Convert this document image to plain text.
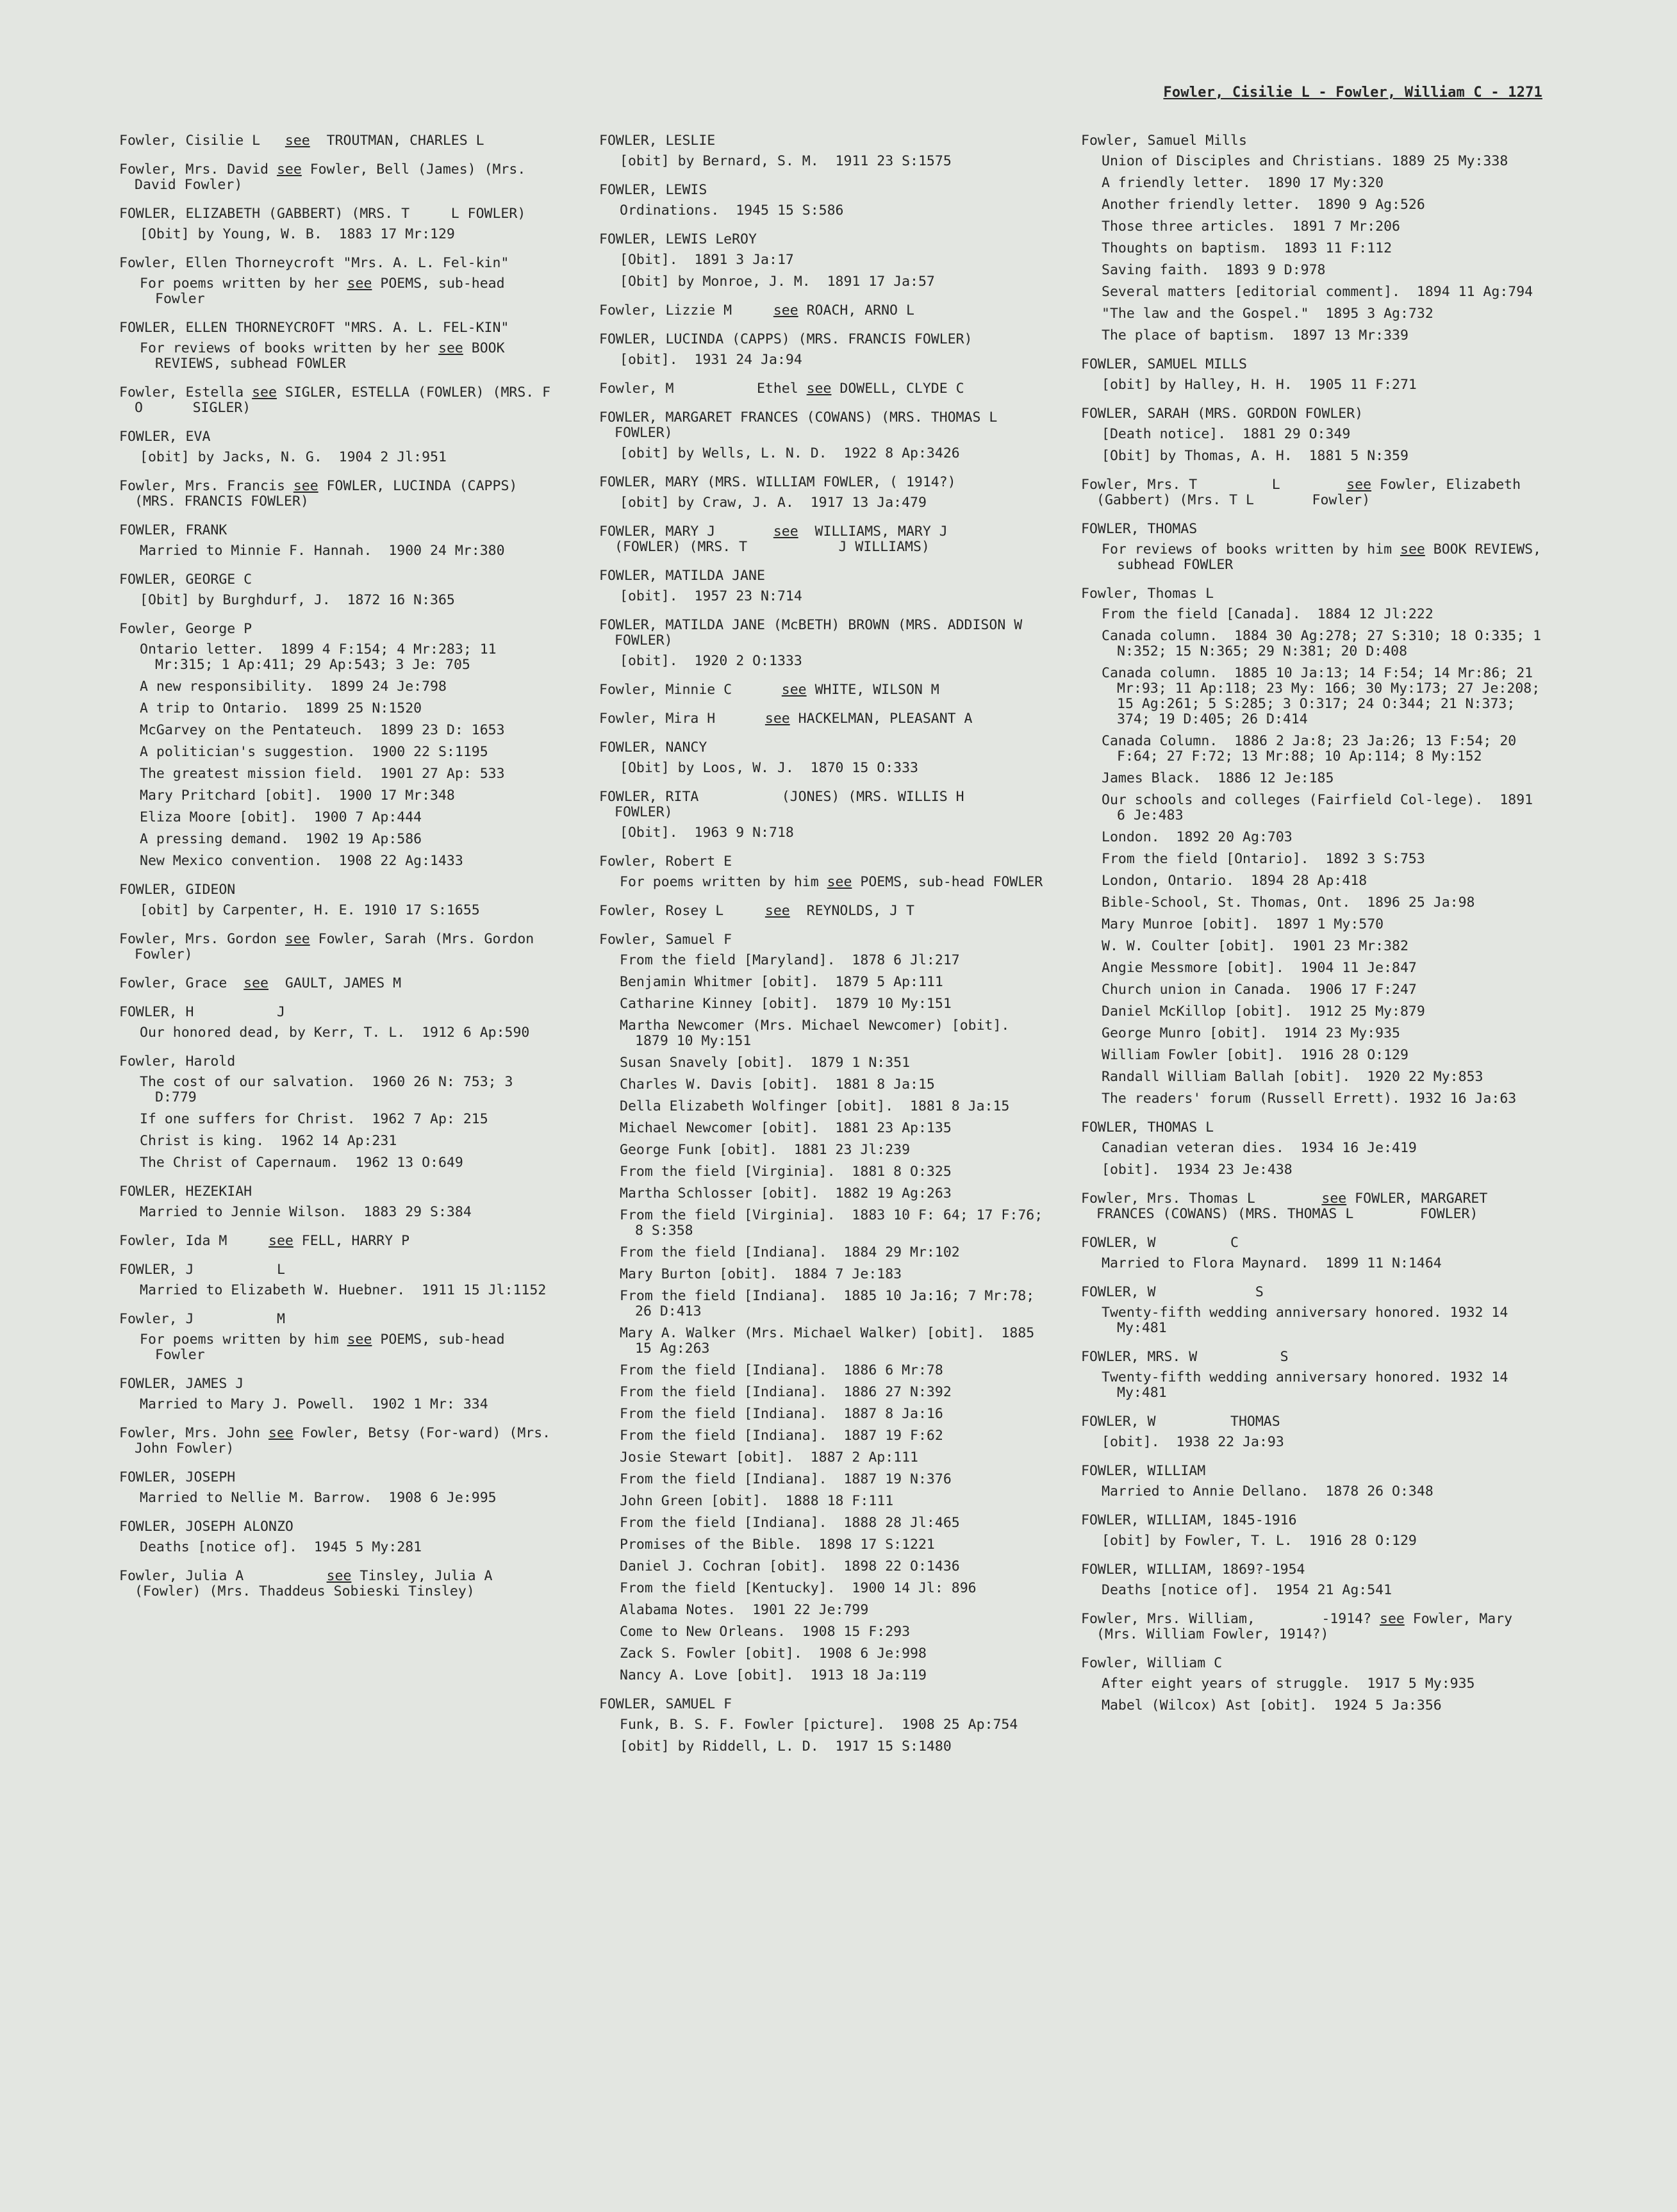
Fowler, Cisilie L - Fowler, William C - 1271
Fowler, Cisilie L   see  TROUTMAN, CHARLES L
Fowler, Mrs. David see Fowler, Bell (James) (Mrs. David Fowler)
FOWLER, ELIZABETH (GABBERT) (MRS. T     L FOWLER)
[Obit] by Young, W. B.  1883 17 Mr:129
Fowler, Ellen Thorneycroft "Mrs. A. L. Fel-kin"
For poems written by her see POEMS, sub-head Fowler
FOWLER, ELLEN THORNEYCROFT "MRS. A. L. FEL-KIN"
For reviews of books written by her see BOOK REVIEWS, subhead FOWLER
Fowler, Estella see SIGLER, ESTELLA (FOWLER) (MRS. F        O      SIGLER)
FOWLER, EVA
[obit] by Jacks, N. G.  1904 2 Jl:951
Fowler, Mrs. Francis see FOWLER, LUCINDA (CAPPS) (MRS. FRANCIS FOWLER)
FOWLER, FRANK
Married to Minnie F. Hannah.  1900 24 Mr:380
FOWLER, GEORGE C
[Obit] by Burghdurf, J.  1872 16 N:365
Fowler, George P
Ontario letter.  1899 4 F:154; 4 Mr:283; 11 Mr:315; 1 Ap:411; 29 Ap:543; 3 Je: 705
A new responsibility.  1899 24 Je:798
A trip to Ontario.  1899 25 N:1520
McGarvey on the Pentateuch.  1899 23 D: 1653
A politician's suggestion.  1900 22 S:1195
The greatest mission field.  1901 27 Ap: 533
Mary Pritchard [obit].  1900 17 Mr:348
Eliza Moore [obit].  1900 7 Ap:444
A pressing demand.  1902 19 Ap:586
New Mexico convention.  1908 22 Ag:1433
FOWLER, GIDEON
[obit] by Carpenter, H. E. 1910 17 S:1655
Fowler, Mrs. Gordon see Fowler, Sarah (Mrs. Gordon Fowler)
Fowler, Grace  see  GAULT, JAMES M
FOWLER, H          J
Our honored dead, by Kerr, T. L.  1912 6 Ap:590
Fowler, Harold
The cost of our salvation.  1960 26 N: 753; 3 D:779
If one suffers for Christ.  1962 7 Ap: 215
Christ is king.  1962 14 Ap:231
The Christ of Capernaum.  1962 13 O:649
FOWLER, HEZEKIAH
Married to Jennie Wilson.  1883 29 S:384
Fowler, Ida M     see FELL, HARRY P
FOWLER, J          L
Married to Elizabeth W. Huebner.  1911 15 Jl:1152
Fowler, J          M
For poems written by him see POEMS, sub-head Fowler
FOWLER, JAMES J
Married to Mary J. Powell.  1902 1 Mr: 334
Fowler, Mrs. John see Fowler, Betsy (For-ward) (Mrs. John Fowler)
FOWLER, JOSEPH
Married to Nellie M. Barrow.  1908 6 Je:995
FOWLER, JOSEPH ALONZO
Deaths [notice of].  1945 5 My:281
Fowler, Julia A          see Tinsley, Julia A        (Fowler) (Mrs. Thaddeus Sobieski Tinsley)
FOWLER, LESLIE
[obit] by Bernard, S. M.  1911 23 S:1575
FOWLER, LEWIS
Ordinations.  1945 15 S:586
FOWLER, LEWIS LeROY
[Obit].  1891 3 Ja:17
[Obit] by Monroe, J. M.  1891 17 Ja:57
Fowler, Lizzie M     see ROACH, ARNO L
FOWLER, LUCINDA (CAPPS) (MRS. FRANCIS FOWLER)
[obit].  1931 24 Ja:94
Fowler, M          Ethel see DOWELL, CLYDE C
FOWLER, MARGARET FRANCES (COWANS) (MRS. THOMAS L       FOWLER)
[obit] by Wells, L. N. D.  1922 8 Ap:3426
FOWLER, MARY (MRS. WILLIAM FOWLER, ( 1914?)
[obit] by Craw, J. A.  1917 13 Ja:479
FOWLER, MARY J       see  WILLIAMS, MARY J        (FOWLER) (MRS. T           J WILLIAMS)
FOWLER, MATILDA JANE
[obit].  1957 23 N:714
FOWLER, MATILDA JANE (McBETH) BROWN (MRS. ADDISON W           FOWLER)
[obit].  1920 2 O:1333
Fowler, Minnie C      see WHITE, WILSON M
Fowler, Mira H      see HACKELMAN, PLEASANT A
FOWLER, NANCY
[Obit] by Loos, W. J.  1870 15 O:333
FOWLER, RITA          (JONES) (MRS. WILLIS H           FOWLER)
[Obit].  1963 9 N:718
Fowler, Robert E
For poems written by him see POEMS, sub-head FOWLER
Fowler, Rosey L     see  REYNOLDS, J T
Fowler, Samuel F
From the field [Maryland].  1878 6 Jl:217
Benjamin Whitmer [obit].  1879 5 Ap:111
Catharine Kinney [obit].  1879 10 My:151
Martha Newcomer (Mrs. Michael Newcomer) [obit].  1879 10 My:151
Susan Snavely [obit].  1879 1 N:351
Charles W. Davis [obit].  1881 8 Ja:15
Della Elizabeth Wolfinger [obit].  1881 8 Ja:15
Michael Newcomer [obit].  1881 23 Ap:135
George Funk [obit].  1881 23 Jl:239
From the field [Virginia].  1881 8 O:325
Martha Schlosser [obit].  1882 19 Ag:263
From the field [Virginia].  1883 10 F: 64; 17 F:76; 8 S:358
From the field [Indiana].  1884 29 Mr:102
Mary Burton [obit].  1884 7 Je:183
From the field [Indiana].  1885 10 Ja:16; 7 Mr:78; 26 D:413
Mary A. Walker (Mrs. Michael Walker) [obit].  1885 15 Ag:263
From the field [Indiana].  1886 6 Mr:78
From the field [Indiana].  1886 27 N:392
From the field [Indiana].  1887 8 Ja:16
From the field [Indiana].  1887 19 F:62
Josie Stewart [obit].  1887 2 Ap:111
From the field [Indiana].  1887 19 N:376
John Green [obit].  1888 18 F:111
From the field [Indiana].  1888 28 Jl:465
Promises of the Bible.  1898 17 S:1221
Daniel J. Cochran [obit].  1898 22 O:1436
From the field [Kentucky].  1900 14 Jl: 896
Alabama Notes.  1901 22 Je:799
Come to New Orleans.  1908 15 F:293
Zack S. Fowler [obit].  1908 6 Je:998
Nancy A. Love [obit].  1913 18 Ja:119
FOWLER, SAMUEL F
Funk, B. S. F. Fowler [picture].  1908 25 Ap:754
[obit] by Riddell, L. D.  1917 15 S:1480
Fowler, Samuel Mills
Union of Disciples and Christians. 1889 25 My:338
A friendly letter.  1890 17 My:320
Another friendly letter.  1890 9 Ag:526
Those three articles.  1891 7 Mr:206
Thoughts on baptism.  1893 11 F:112
Saving faith.  1893 9 D:978
Several matters [editorial comment].  1894 11 Ag:794
"The law and the Gospel."  1895 3 Ag:732
The place of baptism.  1897 13 Mr:339
FOWLER, SAMUEL MILLS
[obit] by Halley, H. H.  1905 11 F:271
FOWLER, SARAH (MRS. GORDON FOWLER)
[Death notice].  1881 29 O:349
[Obit] by Thomas, A. H.  1881 5 N:359
Fowler, Mrs. T         L        see Fowler, Elizabeth (Gabbert) (Mrs. T L       Fowler)
FOWLER, THOMAS
For reviews of books written by him see BOOK REVIEWS, subhead FOWLER
Fowler, Thomas L
From the field [Canada].  1884 12 Jl:222
Canada column.  1884 30 Ag:278; 27 S:310; 18 O:335; 1 N:352; 15 N:365; 29 N:381; 20 D:408
Canada column.  1885 10 Ja:13; 14 F:54; 14 Mr:86; 21 Mr:93; 11 Ap:118; 23 My: 166; 30 My:173; 27 Je:208; 15 Ag:261; 5 S:285; 3 O:317; 24 O:344; 21 N:373; 374; 19 D:405; 26 D:414
Canada Column.  1886 2 Ja:8; 23 Ja:26; 13 F:54; 20 F:64; 27 F:72; 13 Mr:88; 10 Ap:114; 8 My:152
James Black.  1886 12 Je:185
Our schools and colleges (Fairfield Col-lege).  1891 6 Je:483
London.  1892 20 Ag:703
From the field [Ontario].  1892 3 S:753
London, Ontario.  1894 28 Ap:418
Bible-School, St. Thomas, Ont.  1896 25 Ja:98
Mary Munroe [obit].  1897 1 My:570
W. W. Coulter [obit].  1901 23 Mr:382
Angie Messmore [obit].  1904 11 Je:847
Church union in Canada.  1906 17 F:247
Daniel McKillop [obit].  1912 25 My:879
George Munro [obit].  1914 23 My:935
William Fowler [obit].  1916 28 O:129
Randall William Ballah [obit].  1920 22 My:853
The readers' forum (Russell Errett). 1932 16 Ja:63
FOWLER, THOMAS L
Canadian veteran dies.  1934 16 Je:419
[obit].  1934 23 Je:438
Fowler, Mrs. Thomas L        see FOWLER, MARGARET FRANCES (COWANS) (MRS. THOMAS L        FOWLER)
FOWLER, W         C
Married to Flora Maynard.  1899 11 N:1464
FOWLER, W            S
Twenty-fifth wedding anniversary honored. 1932 14 My:481
FOWLER, MRS. W          S
Twenty-fifth wedding anniversary honored. 1932 14 My:481
FOWLER, W         THOMAS
[obit].  1938 22 Ja:93
FOWLER, WILLIAM
Married to Annie Dellano.  1878 26 O:348
FOWLER, WILLIAM, 1845-1916
[obit] by Fowler, T. L.  1916 28 O:129
FOWLER, WILLIAM, 1869?-1954
Deaths [notice of].  1954 21 Ag:541
Fowler, Mrs. William,        -1914? see Fowler, Mary (Mrs. William Fowler, 1914?)
Fowler, William C
After eight years of struggle.  1917 5 My:935
Mabel (Wilcox) Ast [obit].  1924 5 Ja:356
